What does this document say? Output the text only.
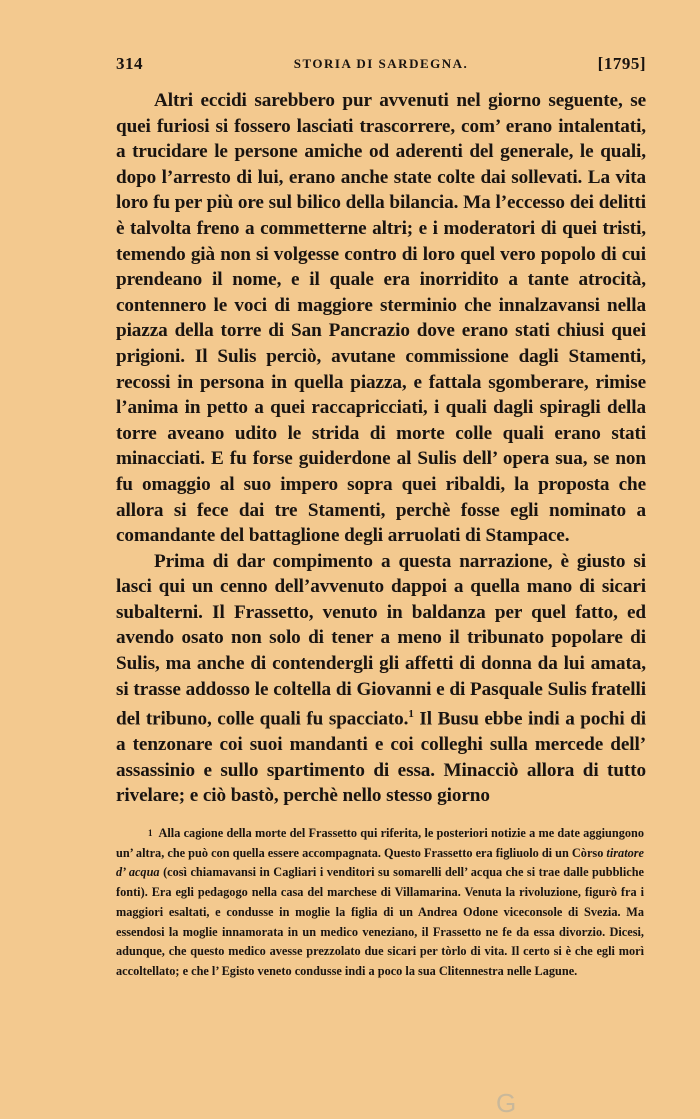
314	STORIA DI SARDEGNA.	[1795]

Altri eccidi sarebbero pur avvenuti nel giorno seguente, se quei furiosi si fossero lasciati trascorrere, com’ erano intalentati, a trucidare le persone amiche od aderenti del generale, le quali, dopo l’arresto di lui, erano anche state colte dai sollevati. La vita loro fu per più ore sul bilico della bilancia. Ma l’eccesso dei delitti è talvolta freno a commetterne altri; e i moderatori di quei tristi, temendo già non si volgesse contro di loro quel vero popolo di cui prendeano il nome, e il quale era inorridito a tante atrocità, contennero le voci di maggiore sterminio che innalzavansi nella piazza della torre di San Pancrazio dove erano stati chiusi quei prigioni. Il Sulis perciò, avutane commissione dagli Stamenti, recossi in persona in quella piazza, e fattala sgomberare, rimise l’anima in petto a quei raccapricciati, i quali dagli spiragli della torre aveano udito le strida di morte colle quali erano stati minacciati. E fu forse guiderdone al Sulis dell’ opera sua, se non fu omaggio al suo impero sopra quei ribaldi, la proposta che allora si fece dai tre Stamenti, perchè fosse egli nominato a comandante del battaglione degli arruolati di Stampace.

Prima di dar compimento a questa narrazione, è giusto si lasci qui un cenno dell’avvenuto dappoi a quella mano di sicari subalterni. Il Frassetto, venuto in baldanza per quel fatto, ed avendo osato non solo di tener a meno il tribunato popolare di Sulis, ma anche di contendergli gli affetti di donna da lui amata, si trasse addosso le coltella di Giovanni e di Pasquale Sulis fratelli del tribuno, colle quali fu spacciato.$^1$ Il Busu ebbe indi a pochi di a tenzonare coi suoi mandanti e coi colleghi sulla mercede dell’ assassinio e sullo spartimento di essa. Minacciò allora di tutto rivelare; e ciò bastò, perchè nello stesso giorno

$^1$ Alla cagione della morte del Frassetto qui riferita, le posteriori notizie a me date aggiungono un’ altra, che può con quella essere accompagnata. Questo Frassetto era figliuolo di un Còrso tiratore d’ acqua (così chiamavansi in Cagliari i venditori su somarelli dell’ acqua che si trae dalle pubbliche fonti). Era egli pedagogo nella casa del marchese di Villamarina. Venuta la rivoluzione, figurò fra i maggiori esaltati, e condusse in moglie la figlia di un Andrea Odone viceconsole di Svezia. Ma essendosi la moglie innamorata in un medico veneziano, il Frassetto ne fe da essa divorzio. Dicesi, adunque, che questo medico avesse prezzolato due sicari per tòrlo di vita. Il certo si è che egli morì accoltellato; e che l’ Egisto veneto condusse indi a poco la sua Clitennestra nelle Lagune.

G
